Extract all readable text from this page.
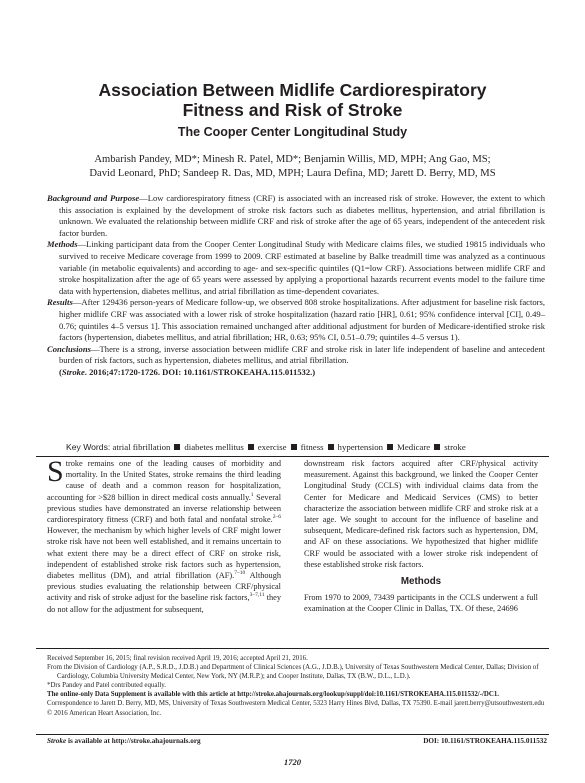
Association Between Midlife Cardiorespiratory
Fitness and Risk of Stroke
The Cooper Center Longitudinal Study
Ambarish Pandey, MD*; Minesh R. Patel, MD*; Benjamin Willis, MD, MPH; Ang Gao, MS;
David Leonard, PhD; Sandeep R. Das, MD, MPH; Laura Defina, MD; Jarett D. Berry, MD, MS

Background and Purpose—Low cardiorespiratory fitness (CRF) is associated with an increased risk of stroke. However, the extent to which this association is explained by the development of stroke risk factors such as diabetes mellitus, hypertension, and atrial fibrillation is unknown. We evaluated the relationship between midlife CRF and risk of stroke after the age of 65 years, independent of the antecedent risk factor burden.

Methods—Linking participant data from the Cooper Center Longitudinal Study with Medicare claims files, we studied 19815 individuals who survived to receive Medicare coverage from 1999 to 2009. CRF estimated at baseline by Balke treadmill time was analyzed as a continuous variable (in metabolic equivalents) and according to age- and sex-specific quintiles (Q1=low CRF). Associations between midlife CRF and stroke hospitalization after the age of 65 years were assessed by applying a proportional hazards recurrent events model to the failure time data with hypertension, diabetes mellitus, and atrial fibrillation as time-dependent covariates.

Results—After 129436 person-years of Medicare follow-up, we observed 808 stroke hospitalizations. After adjustment for baseline risk factors, higher midlife CRF was associated with a lower risk of stroke hospitalization (hazard ratio [HR], 0.61; 95% confidence interval [CI], 0.49–0.76; quintiles 4–5 versus 1]. This association remained unchanged after additional adjustment for burden of Medicare-identified stroke risk factors (hypertension, diabetes mellitus, and atrial fibrillation; HR, 0.63; 95% CI, 0.51–0.79; quintiles 4–5 versus 1).

Conclusions—There is a strong, inverse association between midlife CRF and stroke risk in later life independent of baseline and antecedent burden of risk factors, such as hypertension, diabetes mellitus, and atrial fibrillation.
(Stroke. 2016;47:1720-1726. DOI: 10.1161/STROKEAHA.115.011532.)

Key Words: atrial fibrillation diabetes mellitus exercise fitness hypertension Medicare stroke

Stroke remains one of the leading causes of morbidity and mortality. In the United States, stroke remains the third leading cause of death and a common reason for hospitalization, accounting for >$28 billion in direct medical costs annually.$^1$ Several previous studies have demonstrated an inverse relationship between cardiorespiratory fitness (CRF) and both fatal and nonfatal stroke.$^{2-6}$ However, the mechanism by which higher levels of CRF might lower stroke risk have not been well established, and it remains uncertain to what extent there may be a direct effect of CRF on stroke risk, independent of established stroke risk factors such as hypertension, diabetes mellitus (DM), and atrial fibrillation (AF).$^{7-10}$ Although previous studies evaluating the relationship between CRF/physical activity and risk of stroke adjust for the baseline risk factors,$^{3-7,11}$ they do not allow for the adjustment for subsequent,

downstream risk factors acquired after CRF/physical activity measurement. Against this background, we linked the Cooper Center Longitudinal Study (CCLS) with individual claims data from the Center for Medicare and Medicaid Services (CMS) to better characterize the association between midlife CRF and stroke risk at a later age. We sought to account for the influence of baseline and subsequent, Medicare-defined risk factors such as hypertension, DM, and AF on these associations. We hypothesized that higher midlife CRF would be associated with a lower stroke risk independent of these established stroke risk factors.

Methods

From 1970 to 2009, 73439 participants in the CCLS underwent a full examination at the Cooper Clinic in Dallas, TX. Of these, 24696

Received September 16, 2015; final revision received April 19, 2016; accepted April 21, 2016.

From the Division of Cardiology (A.P., S.R.D., J.D.B.) and Department of Clinical Sciences (A.G., J.D.B.), University of Texas Southwestern Medical Center, Dallas; Division of Cardiology, Columbia University Medical Center, New York, NY (M.R.P.); and Cooper Institute, Dallas, TX (B.W., D.L., L.D.).

*Drs Pandey and Patel contributed equally.

The online-only Data Supplement is available with this article at http://stroke.ahajournals.org/lookup/suppl/doi:10.1161/STROKEAHA.115.011532/-/DC1.

Correspondence to Jarett D. Berry, MD, MS, University of Texas Southwestern Medical Center, 5323 Harry Hines Blvd, Dallas, TX 75390. E-mail jarett.berry@utsouthwestern.edu

© 2016 American Heart Association, Inc.

Stroke is available at http://stroke.ahajournals.org	DOI: 10.1161/STROKEAHA.115.011532
1720
